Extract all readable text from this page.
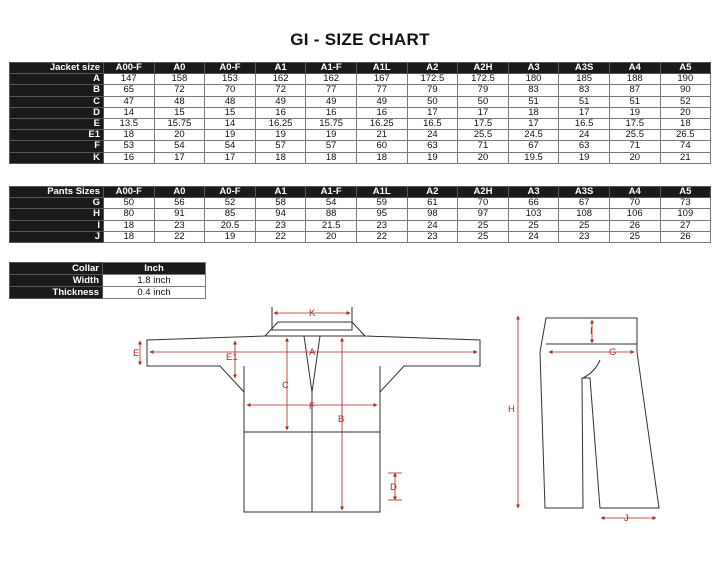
GI - SIZE CHART
Jacket size	A00-F	A0	A0-F	A1	A1-F	A1L	A2	A2H	A3	A3S	A4	A5
A	147	158	153	162	162	167	172.5	172.5	180	185	188	190
B	65	72	70	72	77	77	79	79	83	83	87	90
C	47	48	48	49	49	49	50	50	51	51	51	52
D	14	15	15	16	16	16	17	17	18	17	19	20
E	13.5	15.75	14	16.25	15.75	16.25	16.5	17.5	17	16.5	17.5	18
E1	18	20	19	19	19	21	24	25.5	24.5	24	25.5	26.5
F	53	54	54	57	57	60	63	71	67	63	71	74
K	16	17	17	18	18	18	19	20	19.5	19	20	21
Pants Sizes	A00-F	A0	A0-F	A1	A1-F	A1L	A2	A2H	A3	A3S	A4	A5
G	50	56	52	58	54	59	61	70	66	67	70	73
H	80	91	85	94	88	95	98	97	103	108	106	109
I	18	23	20.5	23	21.5	23	24	25	25	25	26	27
J	18	22	19	22	20	22	23	25	24	23	25	26
Collar	Inch
Width	1.8 inch
Thickness	0.4 inch
K
A
E	E1
C
F
B
D
I
G
H
J
